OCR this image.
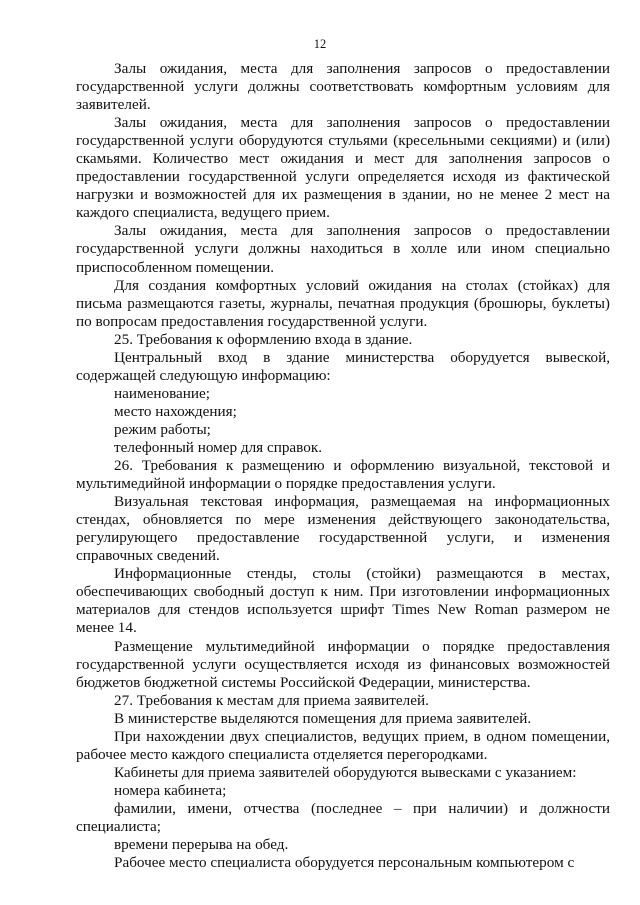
12

Залы ожидания, места для заполнения запросов о предоставлении государственной услуги должны соответствовать комфортным условиям для заявителей.

Залы ожидания, места для заполнения запросов о предоставлении государственной услуги оборудуются стульями (кресельными секциями) и (или) скамьями. Количество мест ожидания и мест для заполнения запросов о предоставлении государственной услуги определяется исходя из фактической нагрузки и возможностей для их размещения в здании, но не менее 2 мест на каждого специалиста, ведущего прием.

Залы ожидания, места для заполнения запросов о предоставлении государственной услуги должны находиться в холле или ином специально приспособленном помещении.

Для создания комфортных условий ожидания на столах (стойках) для письма размещаются газеты, журналы, печатная продукция (брошюры, буклеты) по вопросам предоставления государственной услуги.

25. Требования к оформлению входа в здание.

Центральный вход в здание министерства оборудуется вывеской, содержащей следующую информацию:

наименование;

место нахождения;

режим работы;

телефонный номер для справок.

26. Требования к размещению и оформлению визуальной, текстовой и мультимедийной информации о порядке предоставления услуги.

Визуальная текстовая информация, размещаемая на информационных стендах, обновляется по мере изменения действующего законодательства, регулирующего предоставление государственной услуги, и изменения справочных сведений.

Информационные стенды, столы (стойки) размещаются в местах, обеспечивающих свободный доступ к ним. При изготовлении информационных материалов для стендов используется шрифт Times New Roman размером не менее 14.

Размещение мультимедийной информации о порядке предоставления государственной услуги осуществляется исходя из финансовых возможностей бюджетов бюджетной системы Российской Федерации, министерства.

27. Требования к местам для приема заявителей.

В министерстве выделяются помещения для приема заявителей.

При нахождении двух специалистов, ведущих прием, в одном помещении, рабочее место каждого специалиста отделяется перегородками.

Кабинеты для приема заявителей оборудуются вывесками с указанием:

номера кабинета;

фамилии, имени, отчества (последнее – при наличии) и должности специалиста;

времени перерыва на обед.

Рабочее место специалиста оборудуется персональным компьютером с
